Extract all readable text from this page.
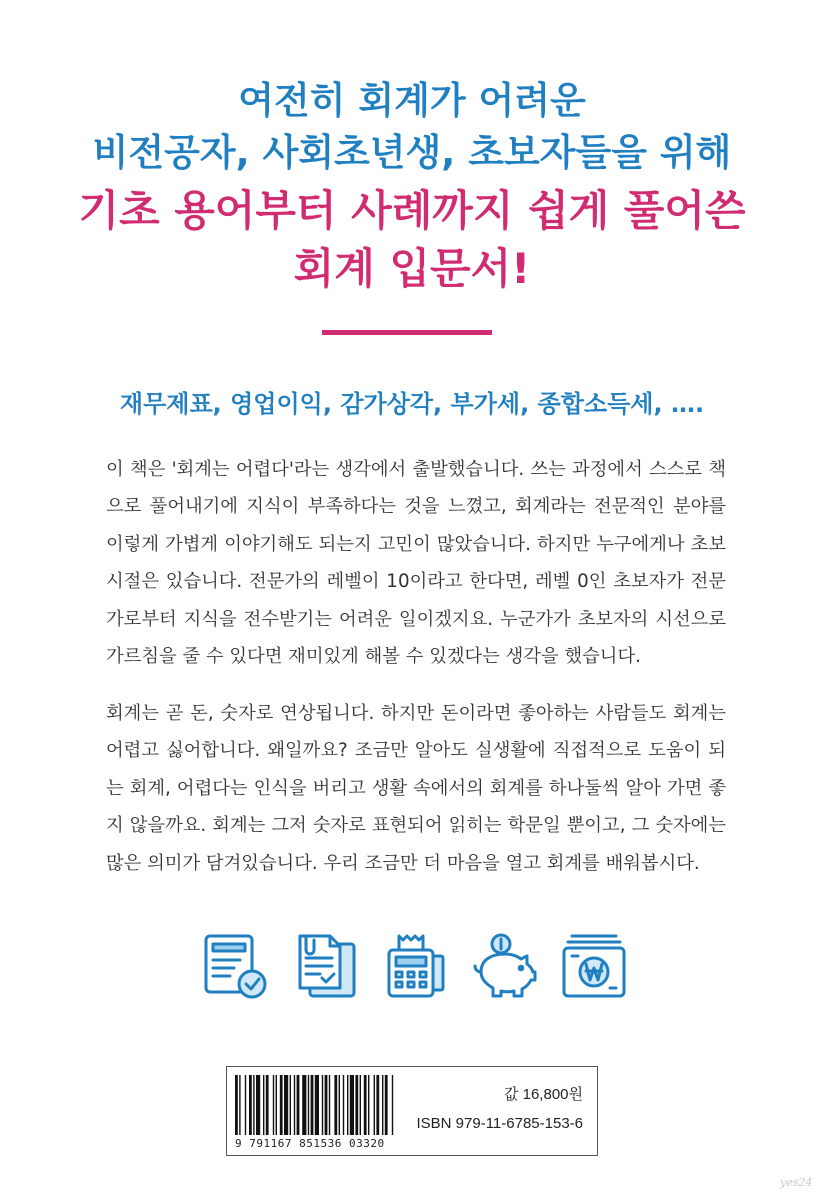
여전히 회계가 어려운
비전공자, 사회초년생, 초보자들을 위해
기초 용어부터 사례까지 쉽게 풀어쓴
회계 입문서!
재무제표, 영업이익, 감가상각, 부가세, 종합소득세, ….

이 책은 '회계는 어렵다'라는 생각에서 출발했습니다. 쓰는 과정에서 스스로 책으로 풀어내기에 지식이 부족하다는 것을 느꼈고, 회계라는 전문적인 분야를 이렇게 가볍게 이야기해도 되는지 고민이 많았습니다. 하지만 누구에게나 초보 시절은 있습니다. 전문가의 레벨이 10이라고 한다면, 레벨 0인 초보자가 전문가로부터 지식을 전수받기는 어려운 일이겠지요. 누군가가 초보자의 시선으로 가르침을 줄 수 있다면 재미있게 해볼 수 있겠다는 생각을 했습니다.

회계는 곧 돈, 숫자로 연상됩니다. 하지만 돈이라면 좋아하는 사람들도 회계는 어렵고 싫어합니다. 왜일까요? 조금만 알아도 실생활에 직접적으로 도움이 되는 회계, 어렵다는 인식을 버리고 생활 속에서의 회계를 하나둘씩 알아 가면 좋지 않을까요. 회계는 그저 숫자로 표현되어 읽히는 학문일 뿐이고, 그 숫자에는 많은 의미가 담겨있습니다. 우리 조금만 더 마음을 열고 회계를 배워봅시다.

9 791167 851536 03320
값 16,800원
ISBN 979-11-6785-153-6
yes24
